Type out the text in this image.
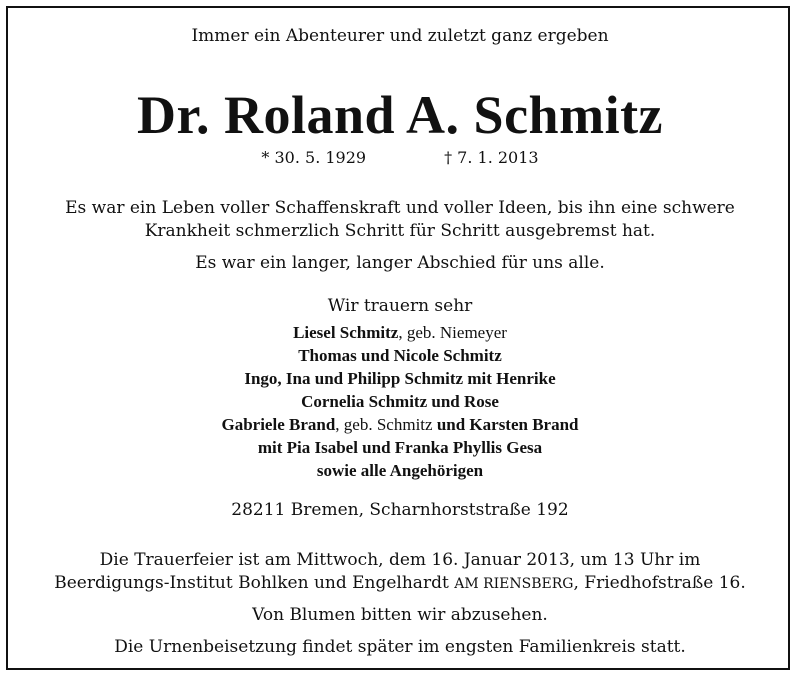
Immer ein Abenteurer und zuletzt ganz ergeben
Dr. Roland A. Schmitz
* 30. 5. 1929	† 7. 1. 2013
Es war ein Leben voller Schaffenskraft und voller Ideen, bis ihn eine schwere
Krankheit schmerzlich Schritt für Schritt ausgebremst hat.
Es war ein langer, langer Abschied für uns alle.
Wir trauern sehr
Liesel Schmitz, geb. Niemeyer
Thomas und Nicole Schmitz
Ingo, Ina und Philipp Schmitz mit Henrike
Cornelia Schmitz und Rose
Gabriele Brand, geb. Schmitz und Karsten Brand
mit Pia Isabel und Franka Phyllis Gesa
sowie alle Angehörigen
28211 Bremen, Scharnhorststraße 192
Die Trauerfeier ist am Mittwoch, dem 16. Januar 2013, um 13 Uhr im
Beerdigungs-Institut Bohlken und Engelhardt AM RIENSBERG, Friedhofstraße 16.
Von Blumen bitten wir abzusehen.
Die Urnenbeisetzung findet später im engsten Familienkreis statt.
